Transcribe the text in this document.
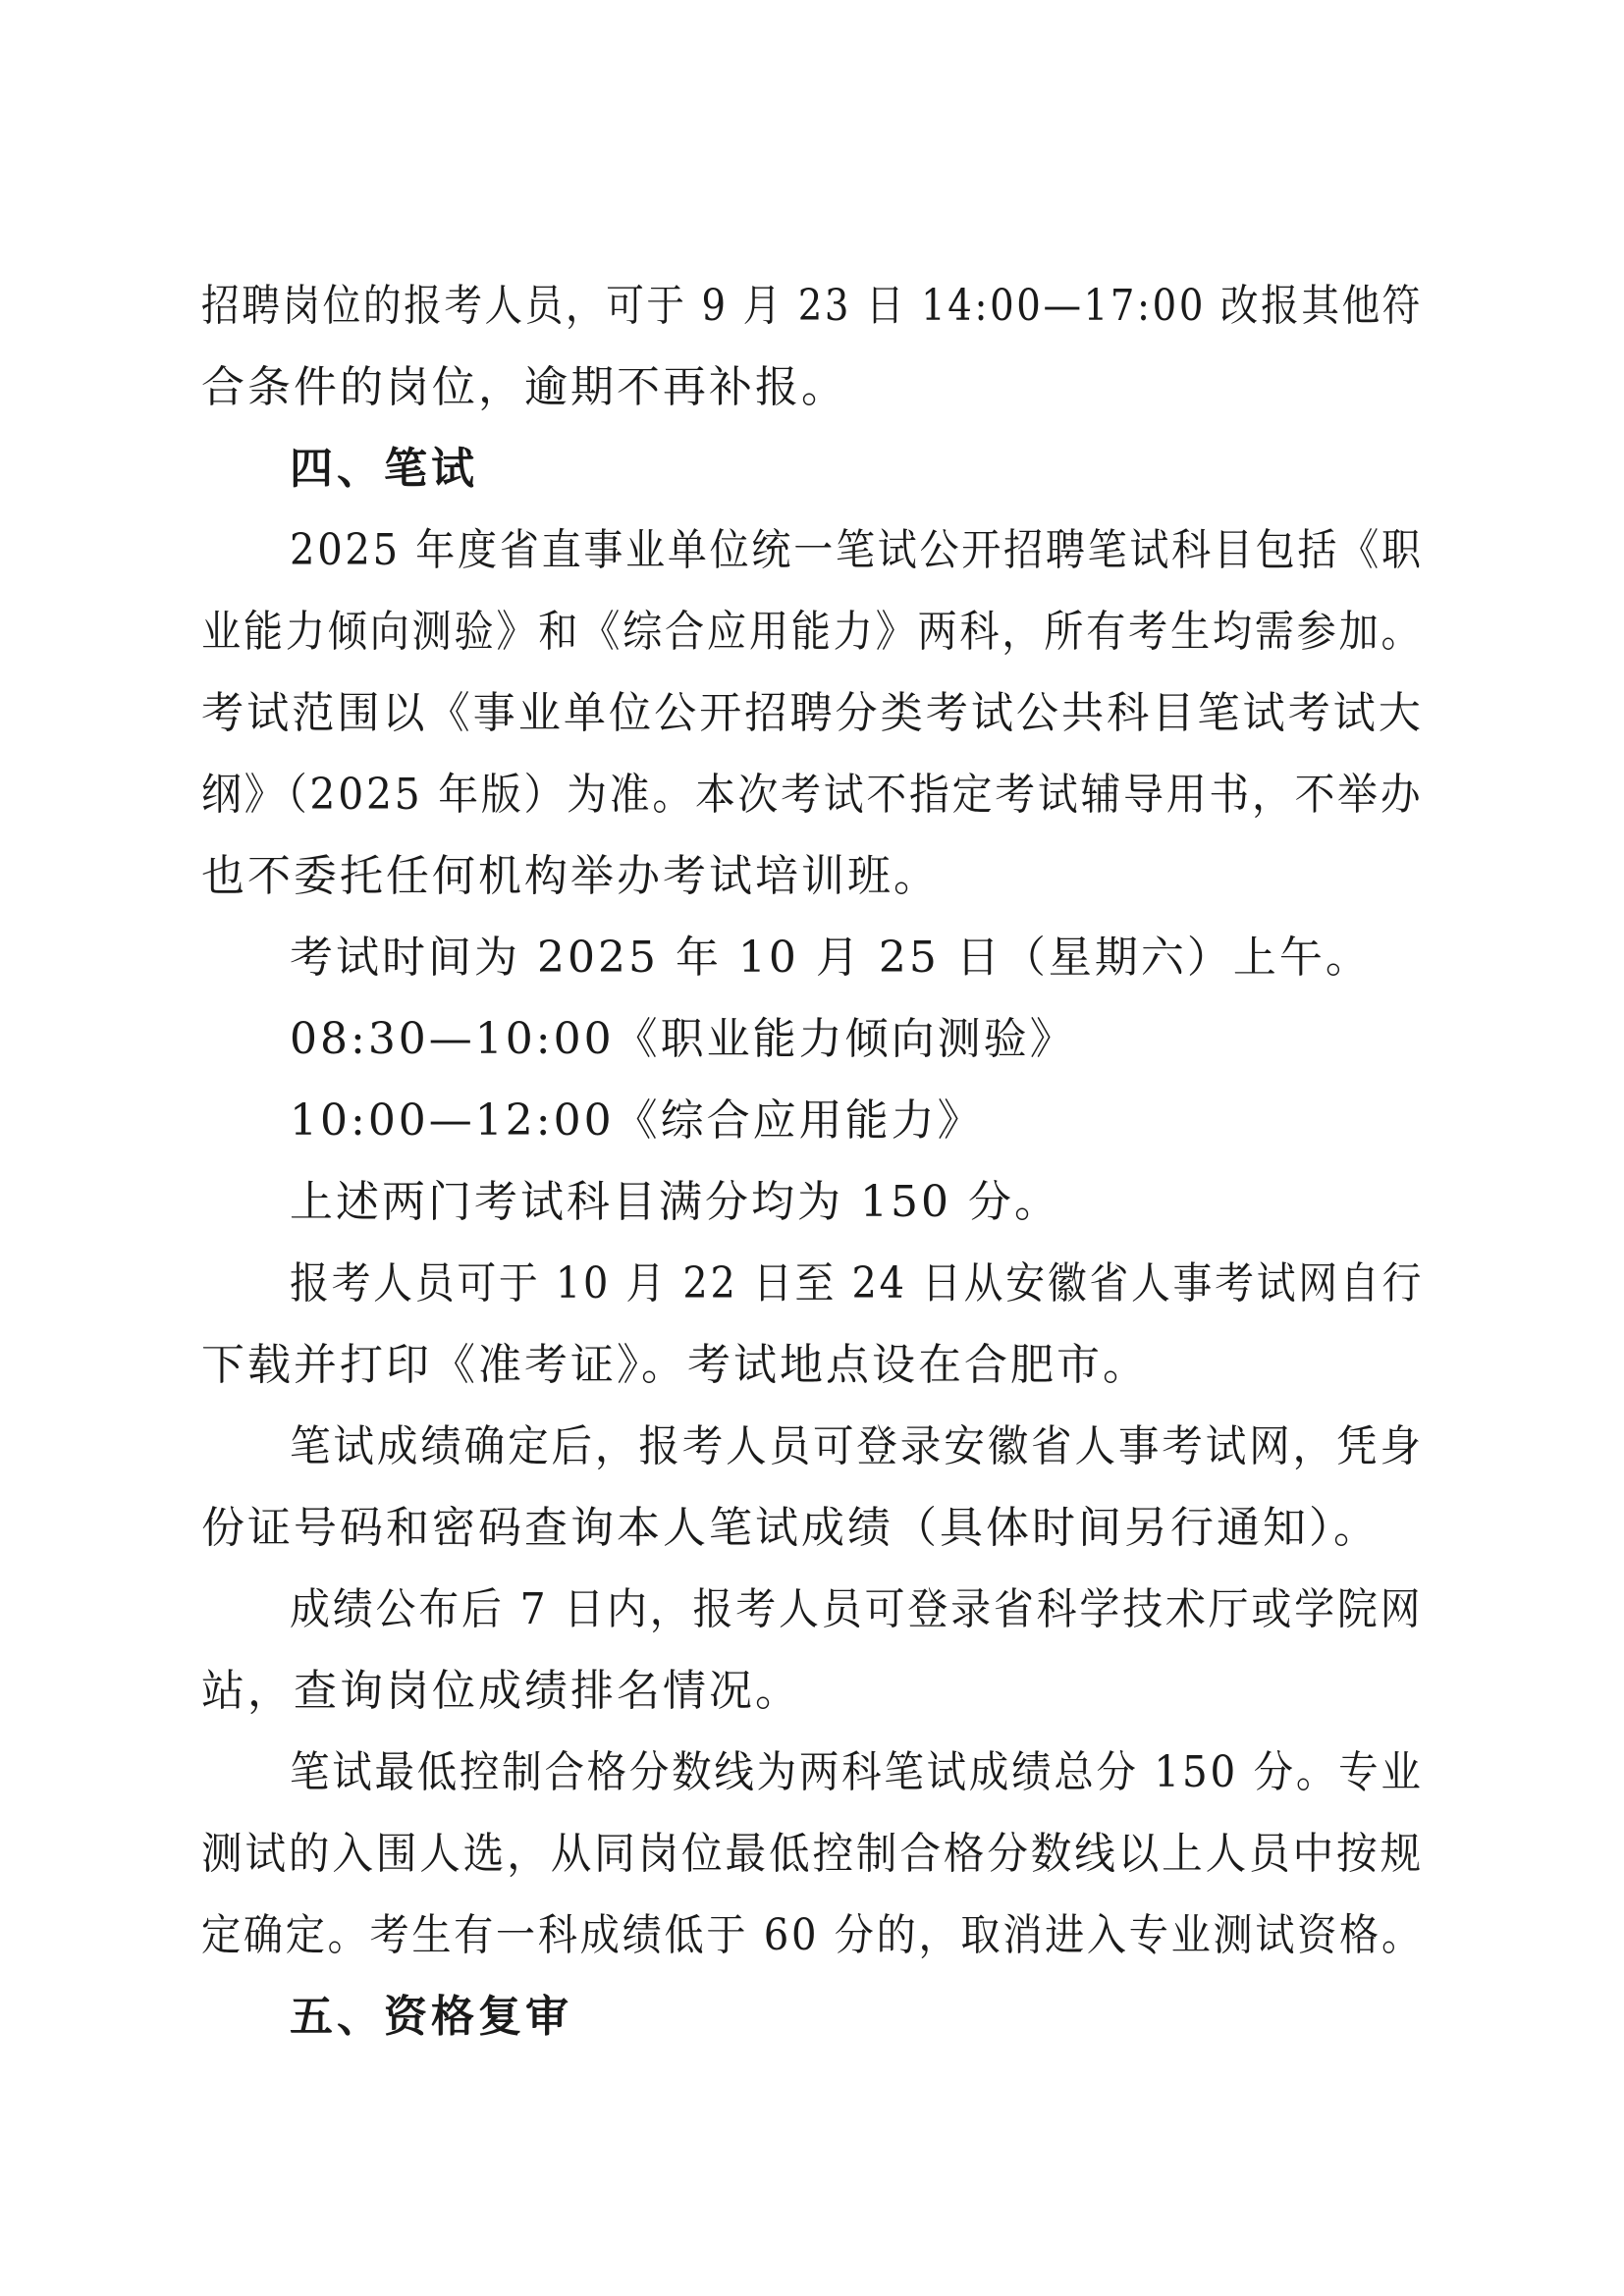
招聘岗位的报考人员，可于 9 月 23 日 14:00—17:00 改报其他符
合条件的岗位，逾期不再补报。
四、笔试
2025 年度省直事业单位统一笔试公开招聘笔试科目包括《职
业能力倾向测验》和《综合应用能力》两科，所有考生均需参加。
考试范围以《事业单位公开招聘分类考试公共科目笔试考试大
纲》（2025 年版）为准。本次考试不指定考试辅导用书，不举办
也不委托任何机构举办考试培训班。
考试时间为 2025 年 10 月 25 日（星期六）上午。
08:30—10:00《职业能力倾向测验》
10:00—12:00《综合应用能力》
上述两门考试科目满分均为 150 分。
报考人员可于 10 月 22 日至 24 日从安徽省人事考试网自行
下载并打印《准考证》。考试地点设在合肥市。
笔试成绩确定后，报考人员可登录安徽省人事考试网，凭身
份证号码和密码查询本人笔试成绩（具体时间另行通知）。
成绩公布后 7 日内，报考人员可登录省科学技术厅或学院网
站，查询岗位成绩排名情况。
笔试最低控制合格分数线为两科笔试成绩总分 150 分。专业
测试的入围人选，从同岗位最低控制合格分数线以上人员中按规
定确定。考生有一科成绩低于 60 分的，取消进入专业测试资格。
五、资格复审
